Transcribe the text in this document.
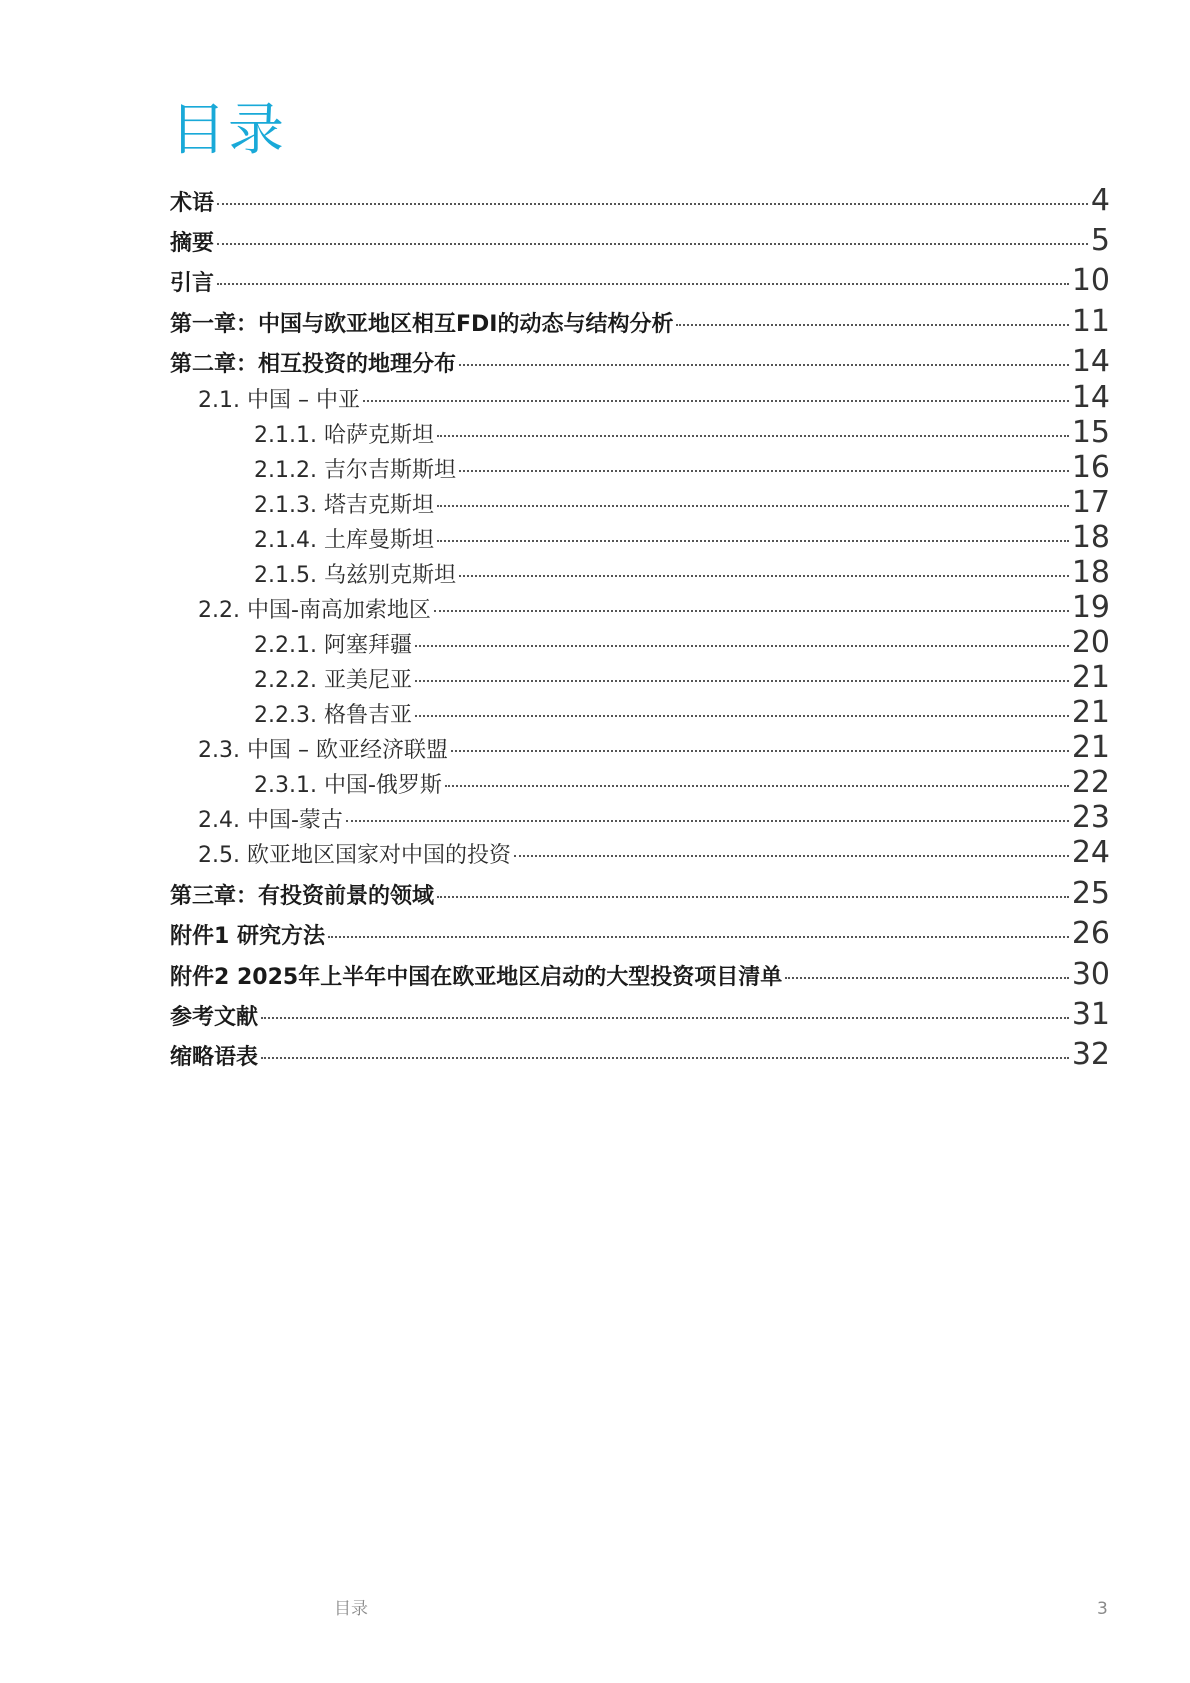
目录
术语	4
摘要	5
引言	10
第一章：中国与欧亚地区相互FDI的动态与结构分析	11
第二章：相互投资的地理分布	14
2.1. 中国 – 中亚	14
2.1.1. 哈萨克斯坦	15
2.1.2. 吉尔吉斯斯坦	16
2.1.3. 塔吉克斯坦	17
2.1.4. 土库曼斯坦	18
2.1.5. 乌兹别克斯坦	18
2.2. 中国-南高加索地区	19
2.2.1. 阿塞拜疆	20
2.2.2. 亚美尼亚	21
2.2.3. 格鲁吉亚	21
2.3. 中国 – 欧亚经济联盟	21
2.3.1. 中国-俄罗斯	22
2.4. 中国-蒙古	23
2.5. 欧亚地区国家对中国的投资	24
第三章：有投资前景的领域	25
附件1 研究方法	26
附件2 2025年上半年中国在欧亚地区启动的大型投资项目清单	30
参考文献	31
缩略语表	32
目录	3
